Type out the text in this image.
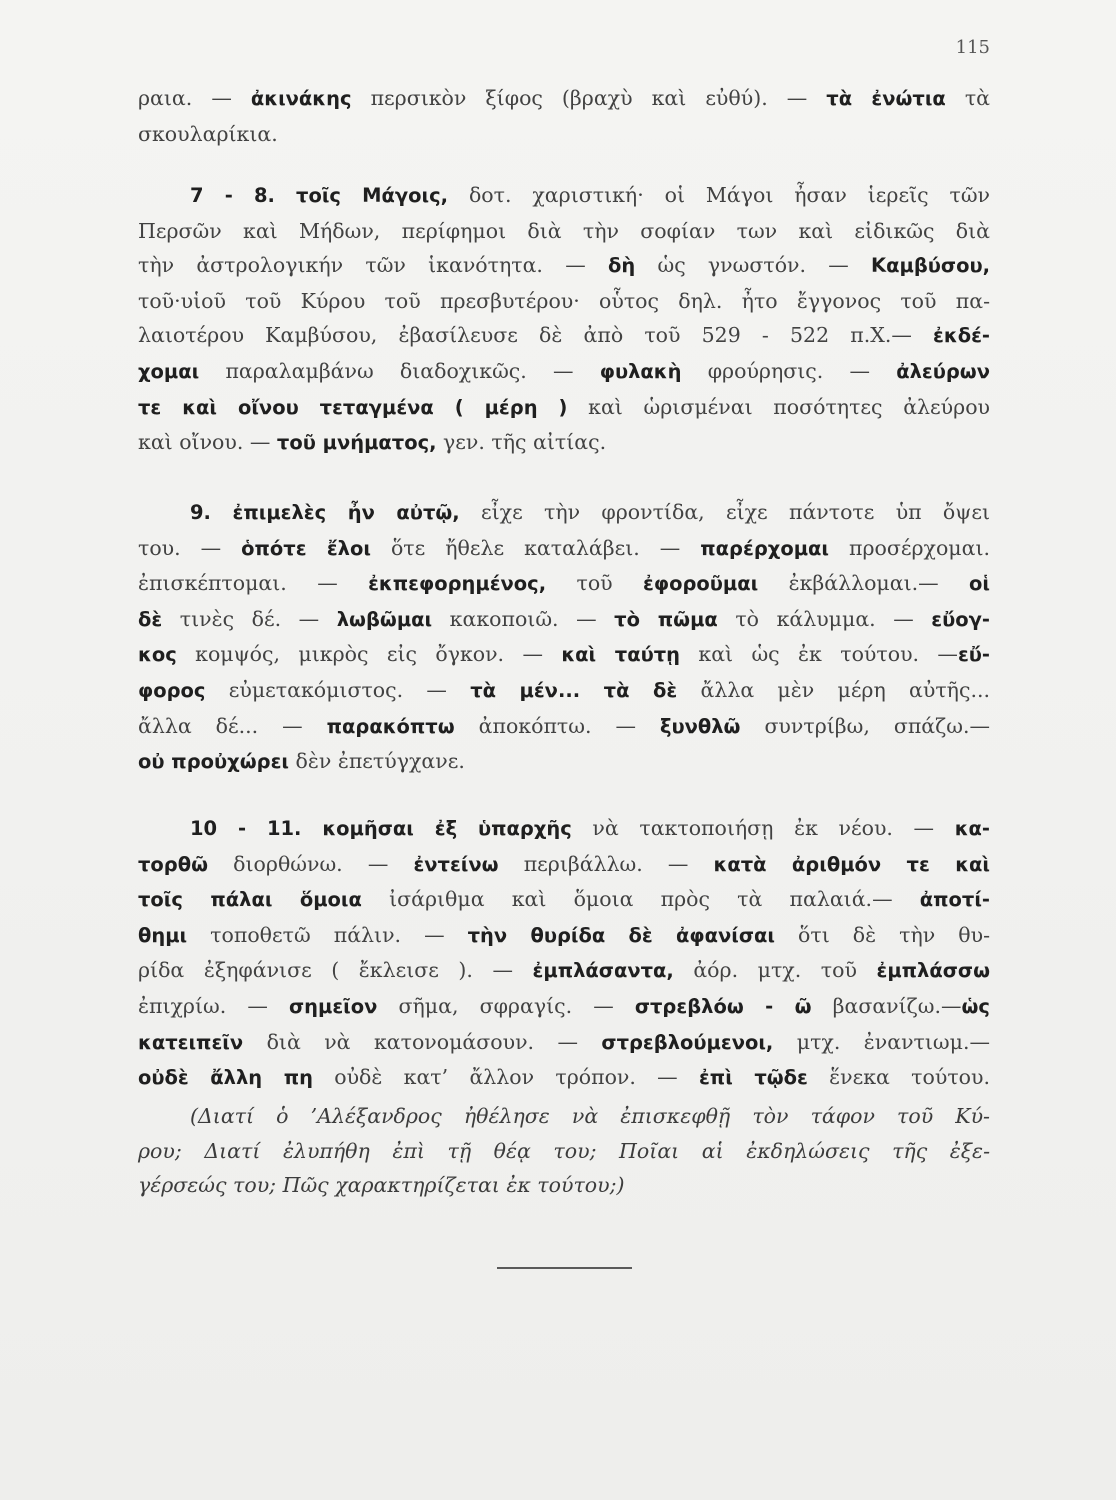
115
ραια. — ἀκινάκης περσικὸν ξίφος (βραχὺ καὶ εὐθύ). — τὰ ἐνώτια τὰ
σκουλαρίκια.
7 - 8. τοῖς Μάγοις, δοτ. χαριστική· οἱ Μάγοι ἦσαν ἱερεῖς τῶν
Περσῶν καὶ Μήδων, περίφημοι διὰ τὴν σοφίαν των καὶ εἰδικῶς διὰ
τὴν ἀστρολογικήν τῶν ἱκανότητα. — δὴ ὡς γνωστόν. — Καμβύσου,
τοῦ·υἱοῦ τοῦ Κύρου τοῦ πρεσβυτέρου· οὗτος δηλ. ἦτο ἔγγονος τοῦ πα-
λαιοτέρου Καμβύσου, ἐβασίλευσε δὲ ἀπὸ τοῦ 529 - 522 π.Χ.— ἐκδέ-
χομαι παραλαμβάνω διαδοχικῶς. — φυλακὴ φρούρησις. — ἀλεύρων
τε καὶ οἴνου τεταγμένα ( μέρη ) καὶ ὡρισμέναι ποσότητες ἀλεύρου
καὶ οἴνου. — τοῦ μνήματος, γεν. τῆς αἰτίας.
9. ἐπιμελὲς ἦν αὐτῷ, εἶχε τὴν φροντίδα, εἶχε πάντοτε ὑπ ὄψει
του. — ὁπότε ἔλοι ὅτε ἤθελε καταλάβει. — παρέρχομαι προσέρχομαι.
ἐπισκέπτομαι. — ἐκπεφορημένος, τοῦ ἐφοροῦμαι ἐκβάλλομαι.— οἱ
δὲ τινὲς δέ. — λωβῶμαι κακοποιῶ. — τὸ πῶμα τὸ κάλυμμα. — εὔογ-
κος κομψός, μικρὸς εἰς ὄγκον. — καὶ ταύτῃ καὶ ὡς ἐκ τούτου. —εὔ-
φορος εὐμετακόμιστος. — τὰ μέν... τὰ δὲ ἄλλα μὲν μέρη αὐτῆς...
ἄλλα δέ... — παρακόπτω ἀποκόπτω. — ξυνθλῶ συντρίβω, σπάζω.—
οὐ προὐχώρει δὲν ἐπετύγχανε.
10 - 11. κομῆσαι ἐξ ὑπαρχῆς νὰ τακτοποιήσῃ ἐκ νέου. — κα-
τορθῶ διορθώνω. — ἐντείνω περιβάλλω. — κατὰ ἀριθμόν τε καὶ
τοῖς πάλαι ὅμοια ἰσάριθμα καὶ ὅμοια πρὸς τὰ παλαιά.— ἀποτί-
θημι τοποθετῶ πάλιν. — τὴν θυρίδα δὲ ἀφανίσαι ὅτι δὲ τὴν θυ-
ρίδα ἐξηφάνισε ( ἔκλεισε ). — ἐμπλάσαντα, ἀόρ. μτχ. τοῦ ἐμπλάσσω
ἐπιχρίω. — σημεῖον σῆμα, σφραγίς. — στρεβλόω - ῶ βασανίζω.—ὡς
κατειπεῖν διὰ νὰ κατονομάσουν. — στρεβλούμενοι, μτχ. ἐναντιωμ.—
οὐδὲ ἄλλη πη οὐδὲ κατ’ ἄλλον τρόπον. — ἐπὶ τῷδε ἕνεκα τούτου.
(Διατί ὁ ’Αλέξανδρος ἠθέλησε νὰ ἐπισκεφθῇ τὸν τάφον τοῦ Κύ-
ρου; Διατί ἐλυπήθη ἐπὶ τῇ θέᾳ του; Ποῖαι αἱ ἐκδηλώσεις τῆς ἐξε-
γέρσεώς του; Πῶς χαρακτηρίζεται ἐκ τούτου;)
